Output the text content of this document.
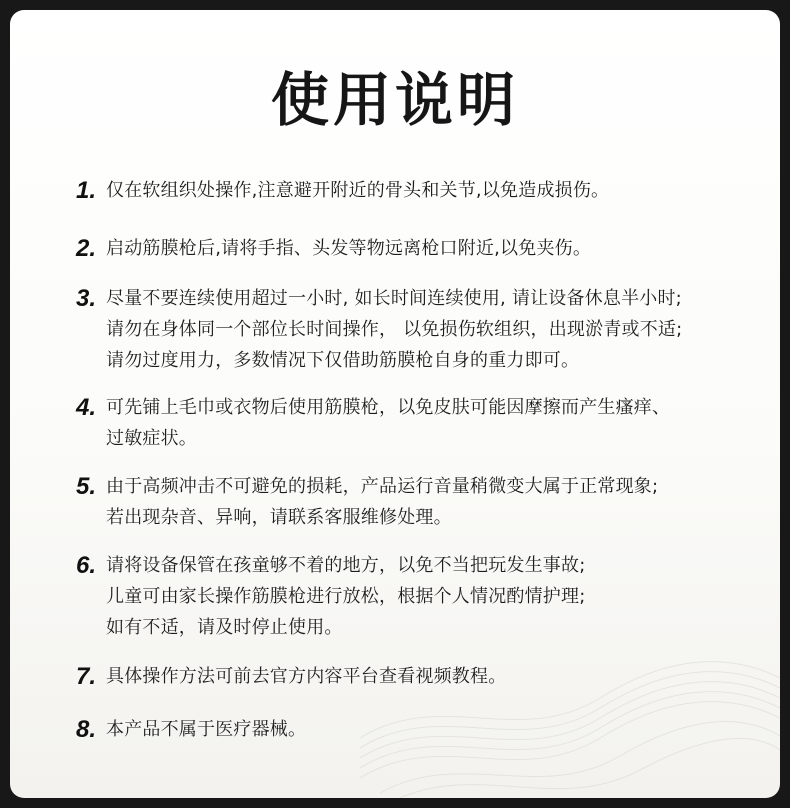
使用说明
1. 仅在软组织处操作,注意避开附近的骨头和关节,以免造成损伤。
2. 启动筋膜枪后,请将手指、头发等物远离枪口附近,以免夹伤。
3. 尽量不要连续使用超过一小时, 如长时间连续使用, 请让设备休息半小时;
请勿在身体同一个部位长时间操作， 以免损伤软组织，出现淤青或不适;
请勿过度用力，多数情况下仅借助筋膜枪自身的重力即可。
4. 可先铺上毛巾或衣物后使用筋膜枪，以免皮肤可能因摩擦而产生瘙痒、
过敏症状。
5. 由于高频冲击不可避免的损耗，产品运行音量稍微变大属于正常现象;
若出现杂音、异响，请联系客服维修处理。
6. 请将设备保管在孩童够不着的地方，以免不当把玩发生事故;
儿童可由家长操作筋膜枪进行放松，根据个人情况酌情护理;
如有不适，请及时停止使用。
7. 具体操作方法可前去官方内容平台查看视频教程。
8. 本产品不属于医疗器械。
